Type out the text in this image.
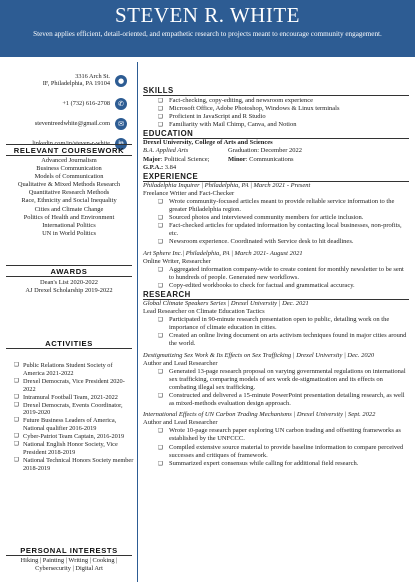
STEVEN R. WHITE
Steven applies efficient, detail-oriented, and empathetic research to projects meant to encourage community engagement.
3316 Arch St.
IF, Philadelphia, PA 19104	●
+1 (732) 616-2708	✆
steventreedwhite@gmail.com	✉
RELEVANT COURSEWORK
Advanced Journalism
Business Communication
Models of Communication
Qualitative & Mixed Methods Research
Quantitative Research Methods
Race, Ethnicity and Social Inequality
Cities and Climate Change
Politics of Health and Environment
International Politics
UN in World Politics
AWARDS
Dean's List 2020-2022
AJ Drexel Scholarship 2019-2022
ACTIVITIES
❑ Public Relations Student Society of America 2021-2022
❑ Drexel Democrats, Vice President 2020-2022
❑ Intramural Football Team, 2021-2022
❑ Drexel Democrats, Events Coordinator, 2019-2020
❑ Future Business Leaders of America, National qualifier 2016-2019
❑ Cyber-Patriot Team Captain, 2016-2019
❑ National English Honor Society, Vice President 2018-2019
❑ National Technical Honors Society member 2018-2019
PERSONAL INTERESTS
Hiking | Painting | Writing | Cooking |
Cybersecurity | Digital Art
SKILLS
❑ Fact-checking, copy-editing, and newsroom experience
❑ Microsoft Office, Adobe Photoshop, Windows & Linux terminals
❑ Proficient in JavaScript and R Studio
❑ Familiarity with Mail Chimp, Canva, and Notion
EDUCATION
Drexel University, College of Arts and Sciences
B.A. Applied Arts	Graduation: December 2022
Major: Political Science;	Minor: Communications
G.P.A.: 3.84
EXPERIENCE
Philadelphia Inquirer | Philadelphia, PA | March 2021 - Present
Freelance Writer and Fact-Checker
❑ Wrote community-focused articles meant to provide reliable service information to the greater Philadelphia region.
❑ Sourced photos and interviewed community members for article inclusion.
❑ Fact-checked articles for updated information by contacting local businesses, non-profits, etc.
❑ Newsroom experience. Coordinated with Service desk to hit deadlines.
Art Sphere Inc.| Philadelphia, PA | March 2021- August 2021
Online Writer, Researcher
❑ Aggregated information company-wide to create content for monthly newsletter to be sent to hundreds of people. Generated new workflows.
❑ Copy-edited workbooks to check for factual and grammatical accuracy.
RESEARCH
Global Climate Speakers Series | Drexel University | Dec. 2021
Lead Researcher on Climate Education Tactics
❑ Participated in 90-minute research presentation open to public, detailing work on the importance of climate education in cities.
❑ Created an online living document on arts activism techniques found in major cities around the world.
Destigmatizing Sex Work & Its Effects on Sex Trafficking | Drexel University | Dec. 2020
Author and Lead Researcher
❑ Generated 13-page research proposal on varying governmental regulations on international sex trafficking, comparing models of sex work de-stigmatization and its effects on combating illegal sex trafficking.
❑ Constructed and delivered a 15-minute PowerPoint presentation detailing research, as well as mixed-methods evaluation design approach.
International Effects of UN Carbon Trading Mechanisms | Drexel University | Sept. 2022
Author and Lead Researcher
❑ Wrote 10-page research paper exploring UN carbon trading and offsetting frameworks as established by the UNFCCC.
❑ Compiled extensive source material to provide baseline information to compare perceived successes and critiques of framework.
❑ Summarized expert consensus while calling for additional field research.
